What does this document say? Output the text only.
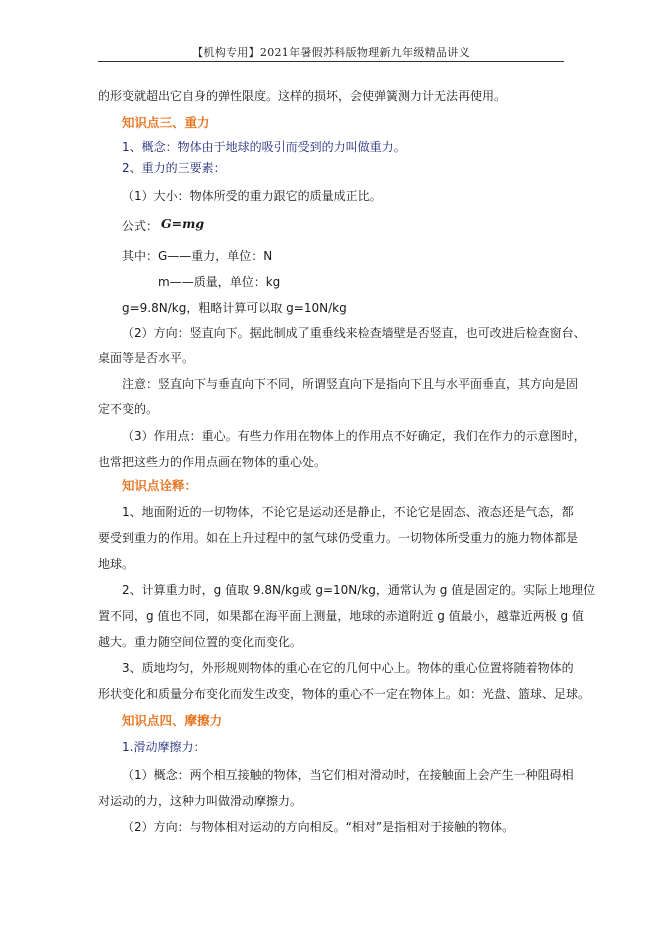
【机构专用】2021年暑假苏科版物理新九年级精品讲义
的形变就超出它自身的弹性限度。这样的损坏，会使弹簧测力计无法再使用。
知识点三、重力
1、概念：物体由于地球的吸引而受到的力叫做重力。
2、重力的三要素：
（1）大小：物体所受的重力跟它的质量成正比。
公式： G=mg
其中：G——重力，单位：N
m——质量，单位：kg
g=9.8N/kg，粗略计算可以取 g=10N/kg
（2）方向：竖直向下。据此制成了重垂线来检查墙壁是否竖直，也可改进后检查窗台、
桌面等是否水平。
注意：竖直向下与垂直向下不同，所谓竖直向下是指向下且与水平面垂直，其方向是固
定不变的。
（3）作用点：重心。有些力作用在物体上的作用点不好确定，我们在作力的示意图时，
也常把这些力的作用点画在物体的重心处。
知识点诠释：
1、地面附近的一切物体，不论它是运动还是静止，不论它是固态、液态还是气态，都
要受到重力的作用。如在上升过程中的氢气球仍受重力。一切物体所受重力的施力物体都是
地球。
2、计算重力时，g 值取 9.8N/kg或 g=10N/kg，通常认为 g 值是固定的。实际上地理位
置不同，g 值也不同，如果都在海平面上测量，地球的赤道附近 g 值最小，越靠近两极 g 值
越大。重力随空间位置的变化而变化。
3、质地均匀，外形规则物体的重心在它的几何中心上。物体的重心位置将随着物体的
形状变化和质量分布变化而发生改变，物体的重心不一定在物体上。如：光盘、篮球、足球。
知识点四、摩擦力
1.滑动摩擦力：
（1）概念：两个相互接触的物体，当它们相对滑动时，在接触面上会产生一种阻碍相
对运动的力，这种力叫做滑动摩擦力。
（2）方向：与物体相对运动的方向相反。“相对”是指相对于接触的物体。
